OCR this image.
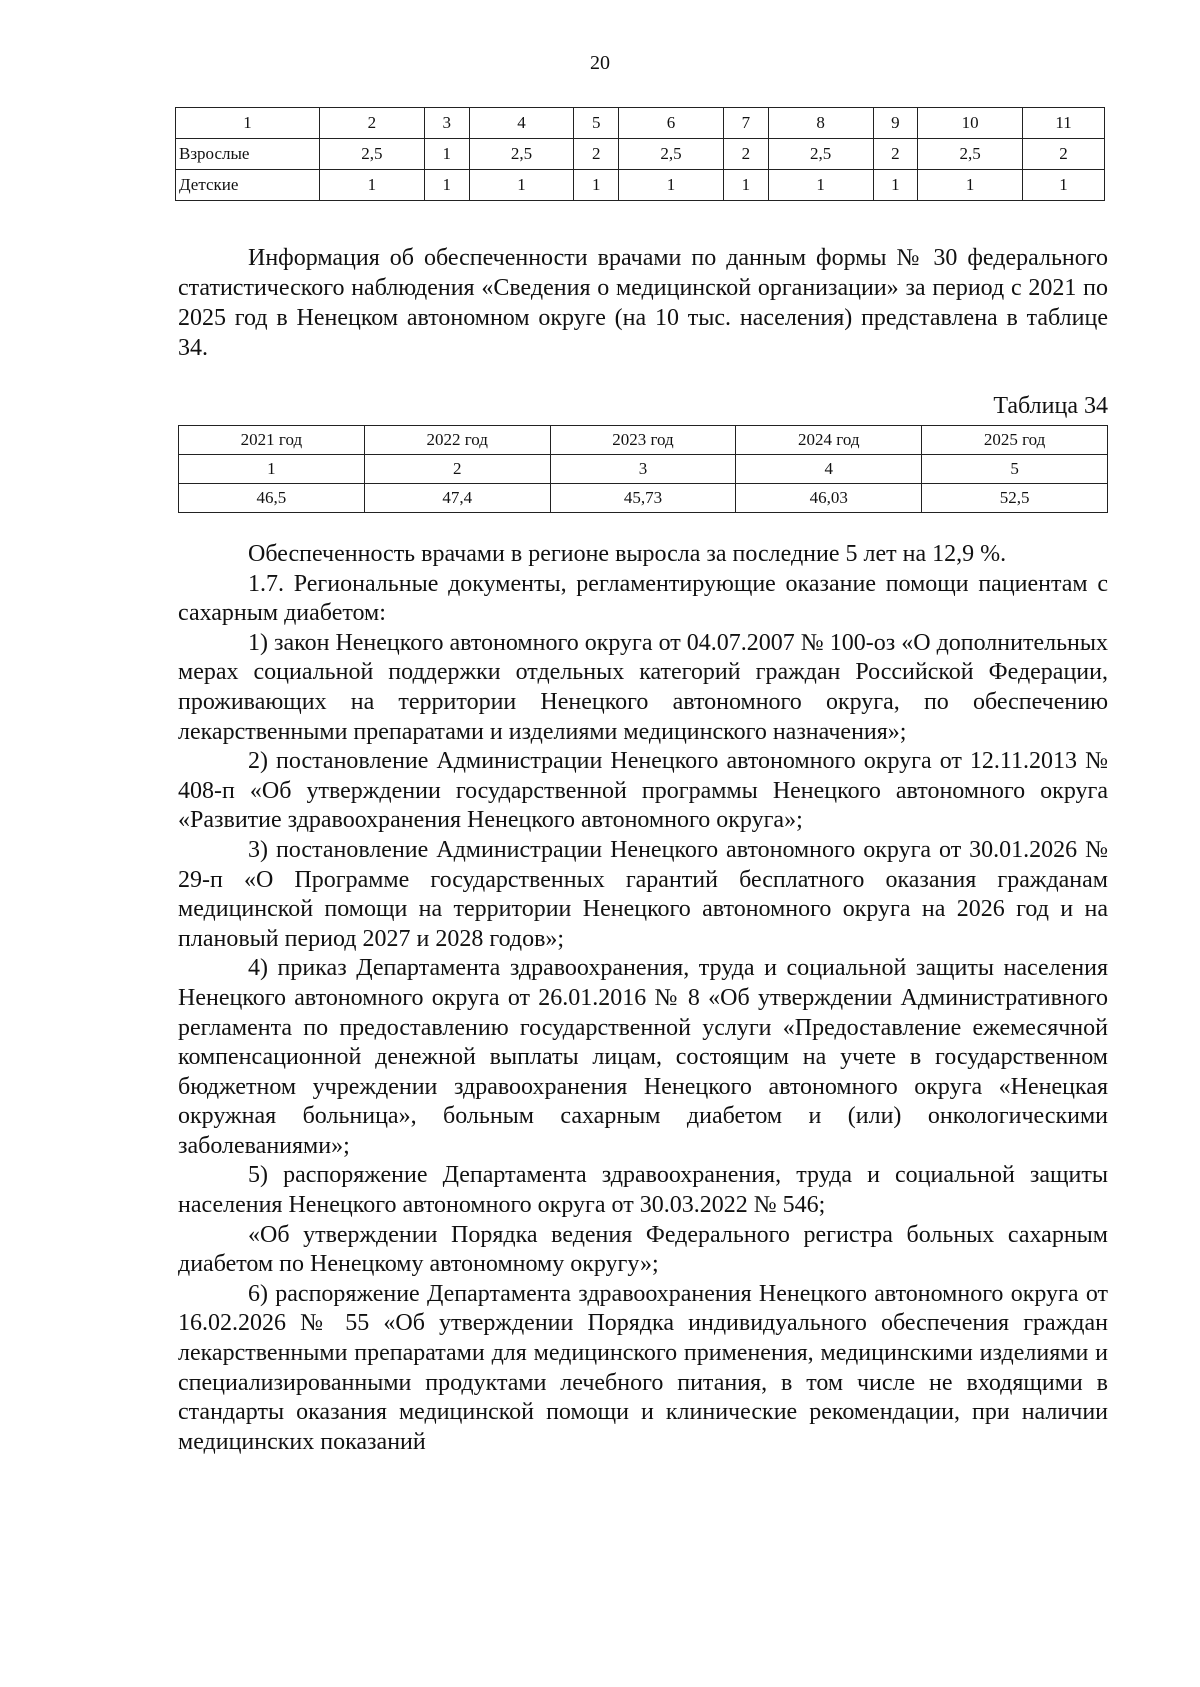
20
1	2	3	4	5	6	7	8	9	10	11
Взрослые	2,5	1	2,5	2	2,5	2	2,5	2	2,5	2
Детские	1	1	1	1	1	1	1	1	1	1
Информация об обеспеченности врачами по данным формы № 30 федерального статистического наблюдения «Сведения о медицинской организации» за период с 2021 по 2025 год в Ненецком автономном округе (на 10 тыс. населения) представлена в таблице 34.
Таблица 34
2021 год	2022 год	2023 год	2024 год	2025 год
1	2	3	4	5
46,5	47,4	45,73	46,03	52,5

Обеспеченность врачами в регионе выросла за последние 5 лет на 12,9 %.

1.7. Региональные документы, регламентирующие оказание помощи пациентам с сахарным диабетом:

1) закон Ненецкого автономного округа от 04.07.2007 № 100-оз «О дополнительных мерах социальной поддержки отдельных категорий граждан Российской Федерации, проживающих на территории Ненецкого автономного округа, по обеспечению лекарственными препаратами и изделиями медицинского назначения»;

2) постановление Администрации Ненецкого автономного округа от 12.11.2013 № 408-п «Об утверждении государственной программы Ненецкого автономного округа «Развитие здравоохранения Ненецкого автономного округа»;

3) постановление Администрации Ненецкого автономного округа от 30.01.2026 № 29-п «О Программе государственных гарантий бесплатного оказания гражданам медицинской помощи на территории Ненецкого автономного округа на 2026 год и на плановый период 2027 и 2028 годов»;

4) приказ Департамента здравоохранения, труда и социальной защиты населения Ненецкого автономного округа от 26.01.2016 № 8 «Об утверждении Административного регламента по предоставлению государственной услуги «Предоставление ежемесячной компенсационной денежной выплаты лицам, состоящим на учете в государственном бюджетном учреждении здравоохранения Ненецкого автономного округа «Ненецкая окружная больница», больным сахарным диабетом и (или) онкологическими заболеваниями»;

5) распоряжение Департамента здравоохранения, труда и социальной защиты населения Ненецкого автономного округа от 30.03.2022 № 546;

«Об утверждении Порядка ведения Федерального регистра больных сахарным диабетом по Ненецкому автономному округу»;

6) распоряжение Департамента здравоохранения Ненецкого автономного округа от 16.02.2026 № 55 «Об утверждении Порядка индивидуального обеспечения граждан лекарственными препаратами для медицинского применения, медицинскими изделиями и специализированными продуктами лечебного питания, в том числе не входящими в стандарты оказания медицинской помощи и клинические рекомендации, при наличии медицинских показаний
